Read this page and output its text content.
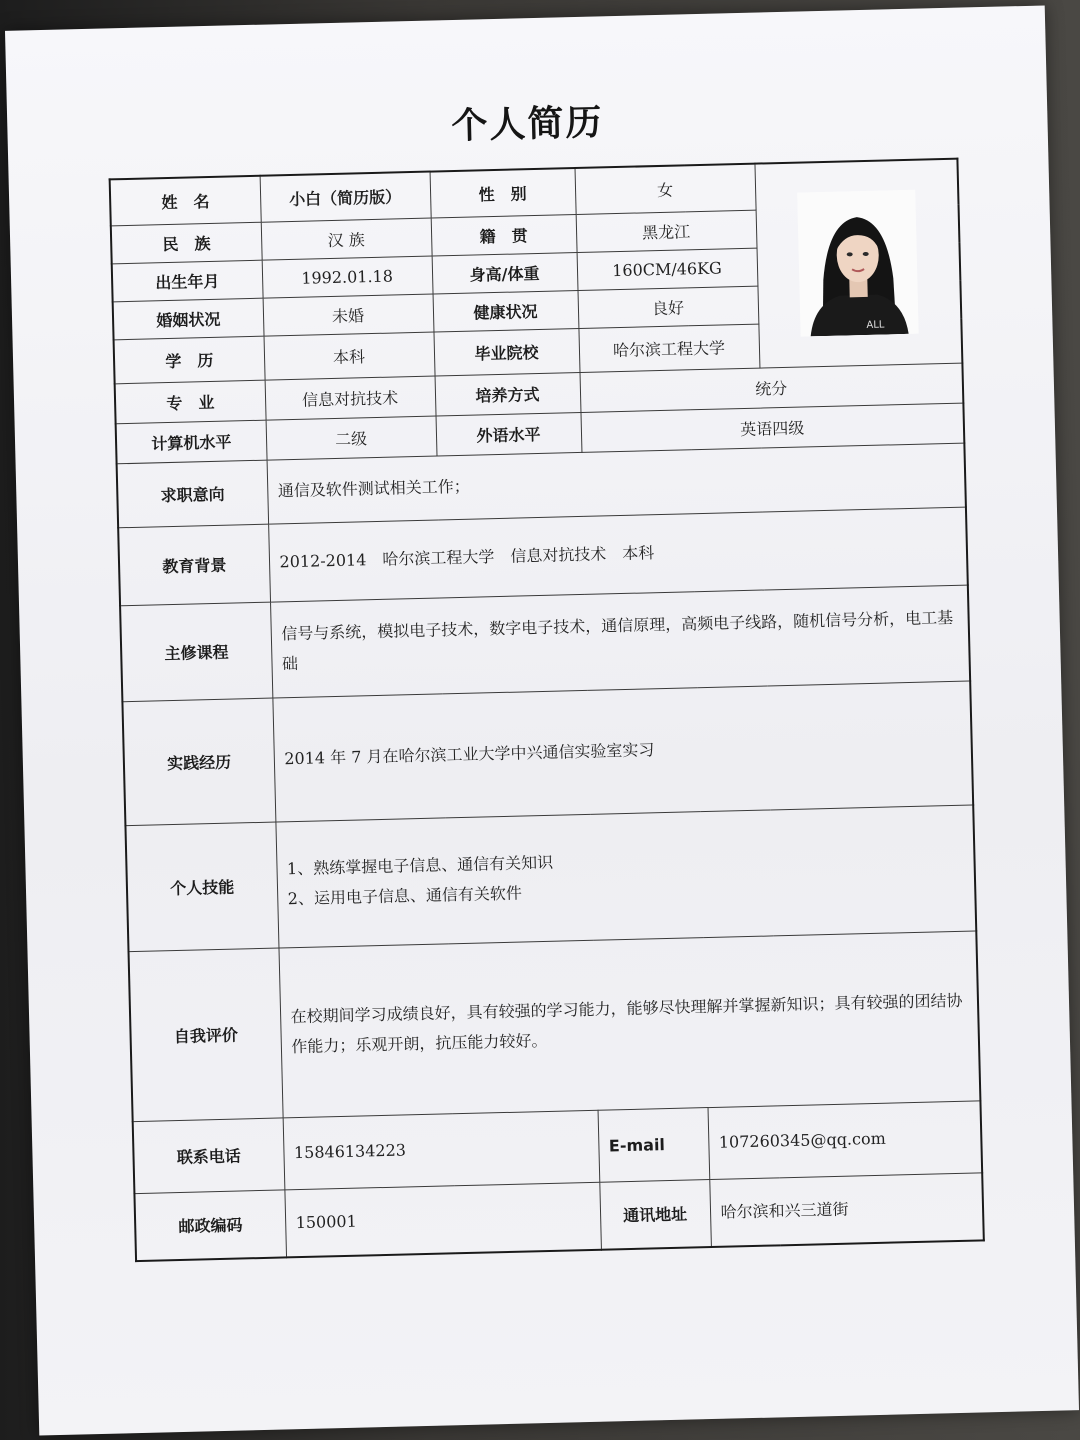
个人简历
姓　名	小白（简历版）	性　别	女		ALL

民　族	汉 族	籍　贯	黑龙江		
出生年月	1992.01.18	身高/体重	160CM/46KG		
婚姻状况	未婚	健康状况	良好		
学　历	本科	毕业院校	哈尔滨工程大学		
专　业	信息对抗技术	培养方式	统分		
计算机水平	二级	外语水平	英语四级		
求职意向	通信及软件测试相关工作；				
教育背景	2012-2014　哈尔滨工程大学　信息对抗技术　本科				
主修课程	信号与系统，模拟电子技术，数字电子技术，通信原理，高频电子线路，随机信号分析，电工基础				
实践经历	2014 年 7 月在哈尔滨工业大学中兴通信实验室实习				
个人技能	1、熟练掌握电子信息、通信有关知识
2、运用电子信息、通信有关软件				

自我评价	在校期间学习成绩良好，具有较强的学习能力，能够尽快理解并掌握新知识；具有较强的团结协作能力；乐观开朗，抗压能力较好。				
联系电话	15846134223		E-mail	107260345@qq.com	
邮政编码	150001		通讯地址	哈尔滨和兴三道街	
